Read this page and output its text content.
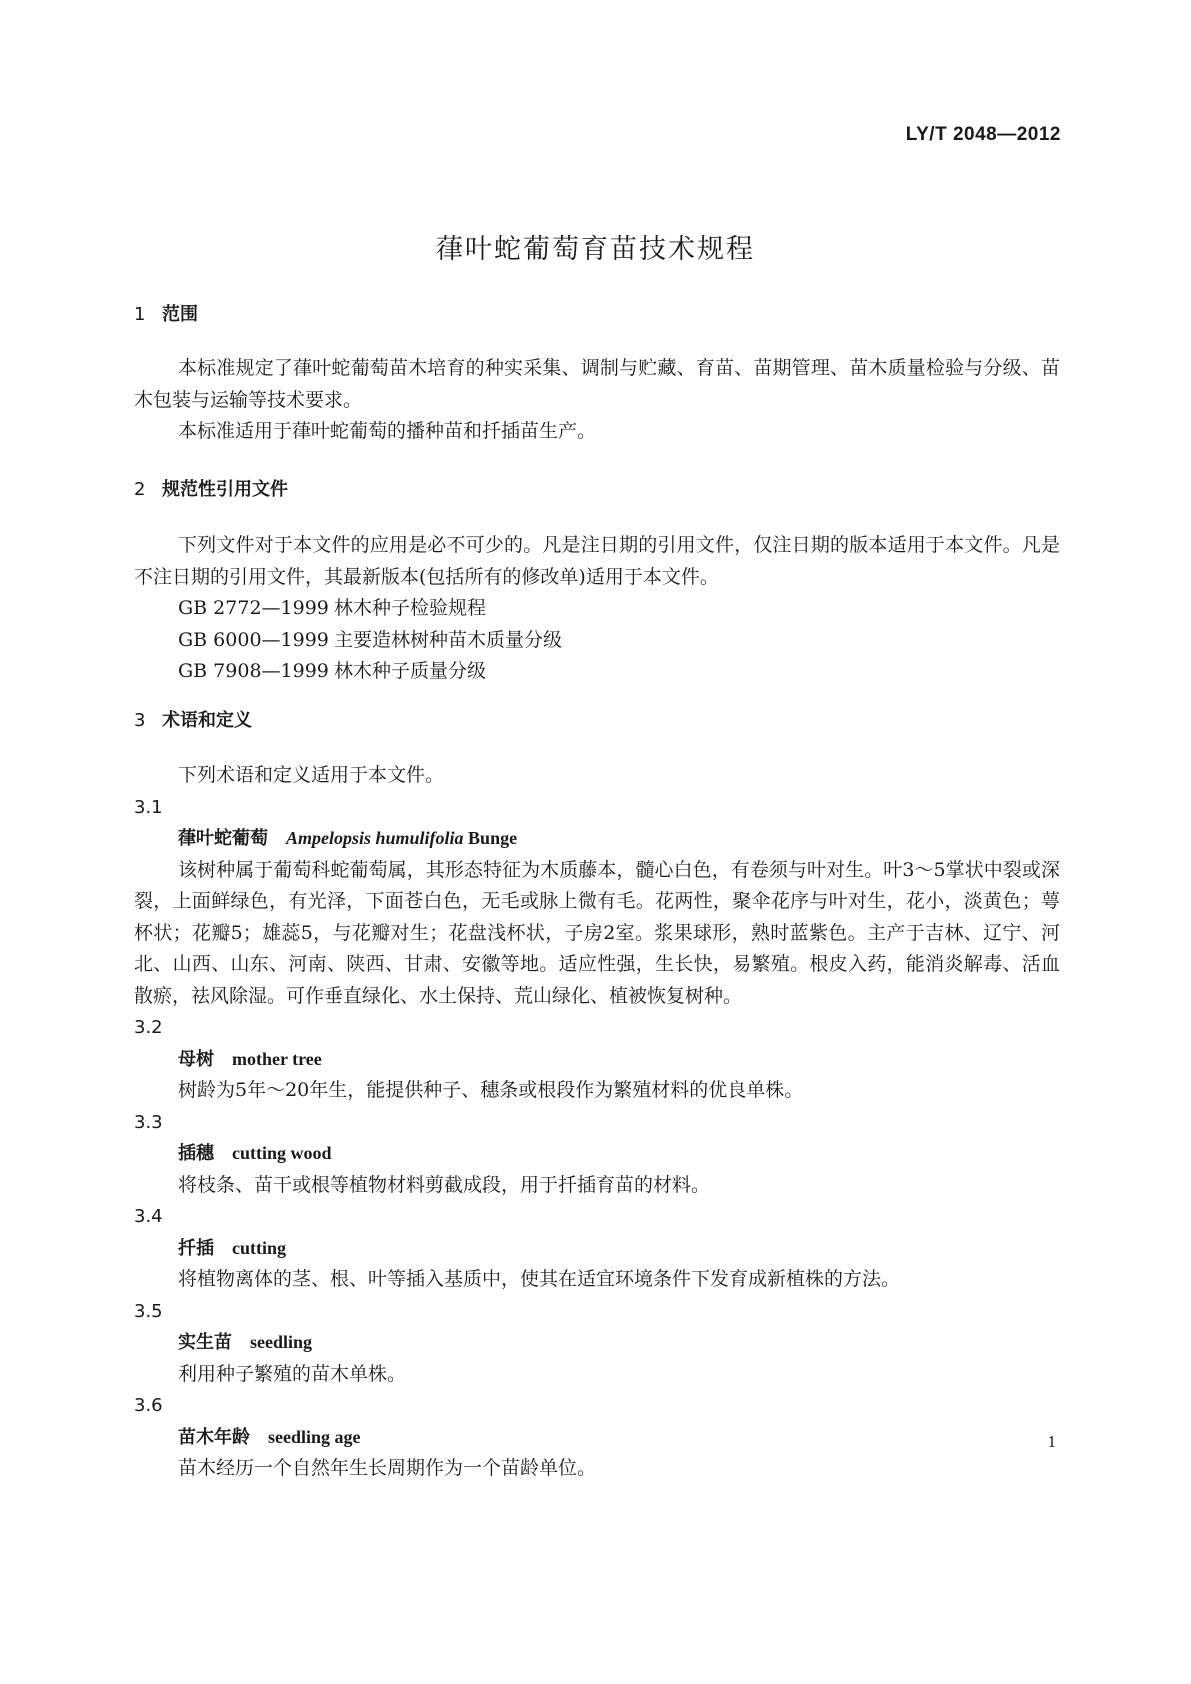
LY/T 2048—2012
葎叶蛇葡萄育苗技术规程
1 范围

本标准规定了葎叶蛇葡萄苗木培育的种实采集、调制与贮藏、育苗、苗期管理、苗木质量检验与分级、苗木包装与运输等技术要求。

本标准适用于葎叶蛇葡萄的播种苗和扦插苗生产。

2 规范性引用文件

下列文件对于本文件的应用是必不可少的。凡是注日期的引用文件，仅注日期的版本适用于本文件。凡是不注日期的引用文件，其最新版本(包括所有的修改单)适用于本文件。

GB 2772—1999 林木种子检验规程
GB 6000—1999 主要造林树种苗木质量分级
GB 7908—1999 林木种子质量分级
3 术语和定义

下列术语和定义适用于本文件。

3.1
葎叶蛇葡萄 Ampelopsis humulifolia Bunge

该树种属于葡萄科蛇葡萄属，其形态特征为木质藤本，髓心白色，有卷须与叶对生。叶3～5掌状中裂或深裂，上面鲜绿色，有光泽，下面苍白色，无毛或脉上微有毛。花两性，聚伞花序与叶对生，花小，淡黄色；萼杯状；花瓣5；雄蕊5，与花瓣对生；花盘浅杯状，子房2室。浆果球形，熟时蓝紫色。主产于吉林、辽宁、河北、山西、山东、河南、陕西、甘肃、安徽等地。适应性强，生长快，易繁殖。根皮入药，能消炎解毒、活血散瘀，祛风除湿。可作垂直绿化、水土保持、荒山绿化、植被恢复树种。

3.2
母树 mother tree

树龄为5年～20年生，能提供种子、穗条或根段作为繁殖材料的优良单株。

3.3
插穗 cutting wood

将枝条、苗干或根等植物材料剪截成段，用于扦插育苗的材料。

3.4
扦插 cutting

将植物离体的茎、根、叶等插入基质中，使其在适宜环境条件下发育成新植株的方法。

3.5
实生苗 seedling

利用种子繁殖的苗木单株。

3.6
苗木年龄 seedling age

苗木经历一个自然年生长周期作为一个苗龄单位。

1
